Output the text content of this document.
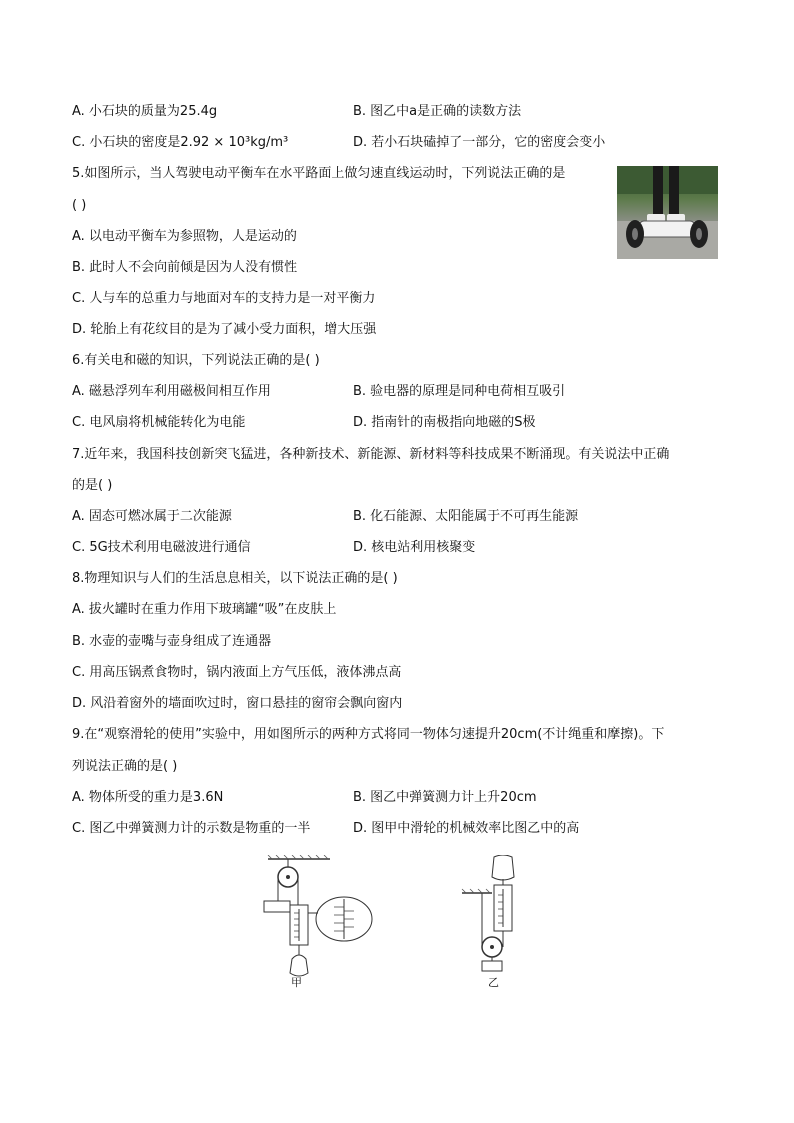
A. 小石块的质量为25.4g	B. 图乙中a是正确的读数方法
C. 小石块的密度是2.92 × 10³kg/m³	D. 若小石块磕掉了一部分，它的密度会变小
5.如图所示，当人驾驶电动平衡车在水平路面上做匀速直线运动时，下列说法正确的是
( )
A. 以电动平衡车为参照物，人是运动的
B. 此时人不会向前倾是因为人没有惯性
C. 人与车的总重力与地面对车的支持力是一对平衡力
D. 轮胎上有花纹目的是为了减小受力面积，增大压强
6.有关电和磁的知识，下列说法正确的是( )
A. 磁悬浮列车利用磁极间相互作用	B. 验电器的原理是同种电荷相互吸引
C. 电风扇将机械能转化为电能	D. 指南针的南极指向地磁的S极
7.近年来，我国科技创新突飞猛进，各种新技术、新能源、新材料等科技成果不断涌现。有关说法中正确
的是( )
A. 固态可燃冰属于二次能源	B. 化石能源、太阳能属于不可再生能源
C. 5G技术利用电磁波进行通信	D. 核电站利用核聚变
8.物理知识与人们的生活息息相关，以下说法正确的是( )
A. 拔火罐时在重力作用下玻璃罐“吸”在皮肤上
B. 水壶的壶嘴与壶身组成了连通器
C. 用高压锅煮食物时，锅内液面上方气压低，液体沸点高
D. 风沿着窗外的墙面吹过时，窗口悬挂的窗帘会飘向窗内
9.在“观察滑轮的使用”实验中，用如图所示的两种方式将同一物体匀速提升20cm(不计绳重和摩擦)。下
列说法正确的是( )
A. 物体所受的重力是3.6N	B. 图乙中弹簧测力计上升20cm
C. 图乙中弹簧测力计的示数是物重的一半	D. 图甲中滑轮的机械效率比图乙中的高
甲	乙
